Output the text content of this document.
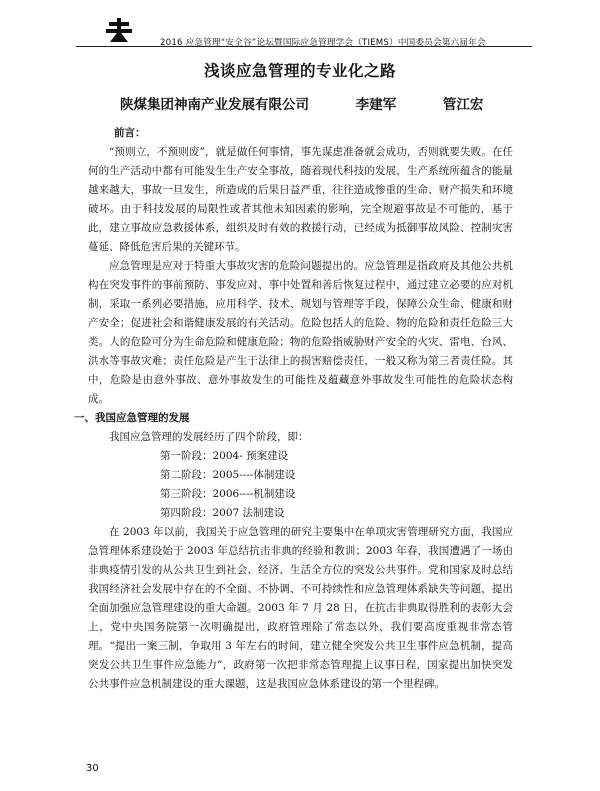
2016 应急管理“安全谷”论坛暨国际应急管理学会（TIEMS）中国委员会第六届年会
浅谈应急管理的专业化之路
陕煤集团神南产业发展有限公司	李建军	管江宏

前言：

“预则立，不预则废”，就是做任何事情，事先谋虑准备就会成功，否则就要失败。在任何的生产活动中都有可能发生生产安全事故，随着现代科技的发展，生产系统所蕴含的能量越来越大，事故一旦发生，所造成的后果日益严重，往往造成惨重的生命、财产损失和环境破坏。由于科技发展的局限性或者其他未知因素的影响，完全规避事故是不可能的，基于此，建立事故应急救援体系，组织及时有效的救援行动，已经成为抵御事故风险、控制灾害蔓延、降低危害后果的关键环节。

应急管理是应对于特重大事故灾害的危险问题提出的。应急管理是指政府及其他公共机构在突发事件的事前预防、事发应对、事中处置和善后恢复过程中，通过建立必要的应对机制，采取一系列必要措施，应用科学、技术、规划与管理等手段，保障公众生命、健康和财产安全；促进社会和谐健康发展的有关活动。危险包括人的危险、物的危险和责任危险三大类。人的危险可分为生命危险和健康危险；物的危险指威胁财产安全的火灾、雷电、台风、洪水等事故灾难；责任危险是产生于法律上的损害赔偿责任，一般又称为第三者责任险。其中，危险是由意外事故、意外事故发生的可能性及蕴藏意外事故发生可能性的危险状态构成。

一、我国应急管理的发展

我国应急管理的发展经历了四个阶段，即：

第一阶段：2004- 预案建设
第二阶段：2005----体制建设
第三阶段：2006----机制建设
第四阶段：2007 法制建设

在 2003 年以前，我国关于应急管理的研究主要集中在单项灾害管理研究方面，我国应急管理体系建设始于 2003 年总结抗击非典的经验和教训；2003 年春，我国遭遇了一场由非典疫情引发的从公共卫生到社会、经济、生活全方位的突发公共事件。党和国家及时总结我国经济社会发展中存在的不全面、不协调、不可持续性和应急管理体系缺失等问题，提出全面加强应急管理建设的重大命题。2003 年 7 月 28 日，在抗击非典取得胜利的表彰大会上，党中央国务院第一次明确提出，政府管理除了常态以外，我们要高度重视非常态管理。“提出一案三制，争取用 3 年左右的时间，建立健全突发公共卫生事件应急机制，提高突发公共卫生事件应急能力”，政府第一次把非常态管理提上议事日程，国家提出加快突发公共事件应急机制建设的重大课题，这是我国应急体系建设的第一个里程碑。

30
